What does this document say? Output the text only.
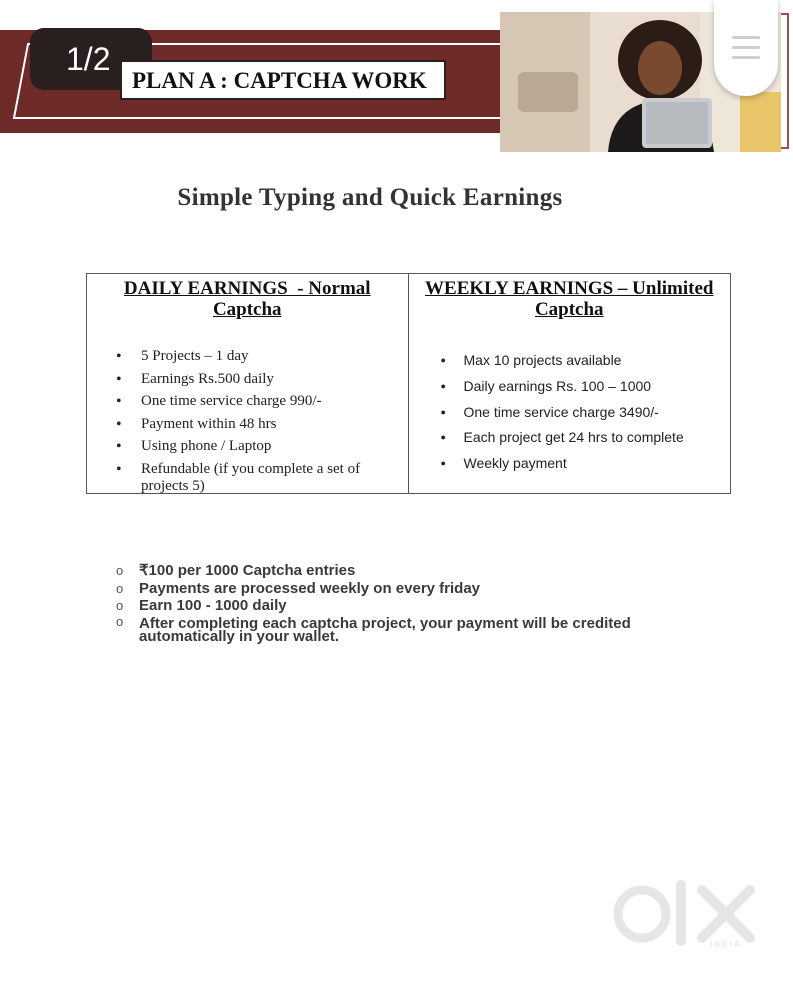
1/2
PLAN A : CAPTCHA WORK
Simple Typing and Quick Earnings
DAILY EARNINGS  - Normal
Captcha
• 5 Projects – 1 day
• Earnings Rs.500 daily
• One time service charge 990/-
• Payment within 48 hrs
• Using phone / Laptop
• Refundable (if you complete a set of projects 5)
WEEKLY EARNINGS – Unlimited
Captcha
● Max 10 projects available
● Daily earnings Rs. 100 – 1000
● One time service charge 3490/-
● Each project get 24 hrs to complete
● Weekly payment
o ₹100 per 1000 Captcha entries
o Payments are processed weekly on every friday
o Earn 100 - 1000 daily
o After completing each captcha project, your payment will be credited automatically in your wallet.
INDIA
